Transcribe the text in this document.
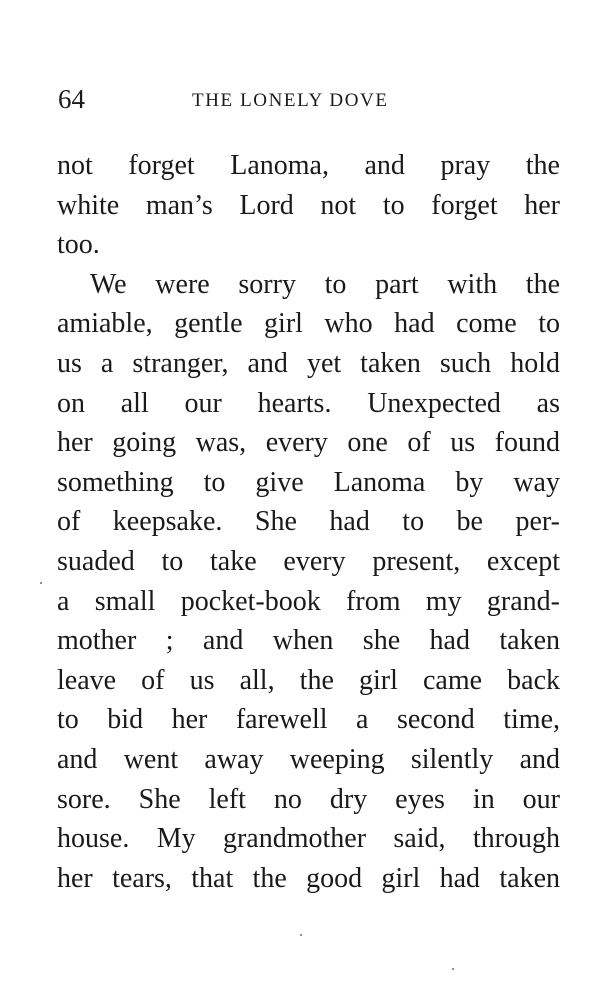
64	THE LONELY DOVE
not forget Lanoma, and pray the
white man’s Lord not to forget her
too.
We were sorry to part with the
amiable, gentle girl who had come to
us a stranger, and yet taken such hold
on all our hearts. Unexpected as
her going was, every one of us found
something to give Lanoma by way
of keepsake. She had to be per-
suaded to take every present, except
a small pocket-book from my grand-
mother ; and when she had taken
leave of us all, the girl came back
to bid her farewell a second time,
and went away weeping silently and
sore. She left no dry eyes in our
house. My grandmother said, through
her tears, that the good girl had taken
